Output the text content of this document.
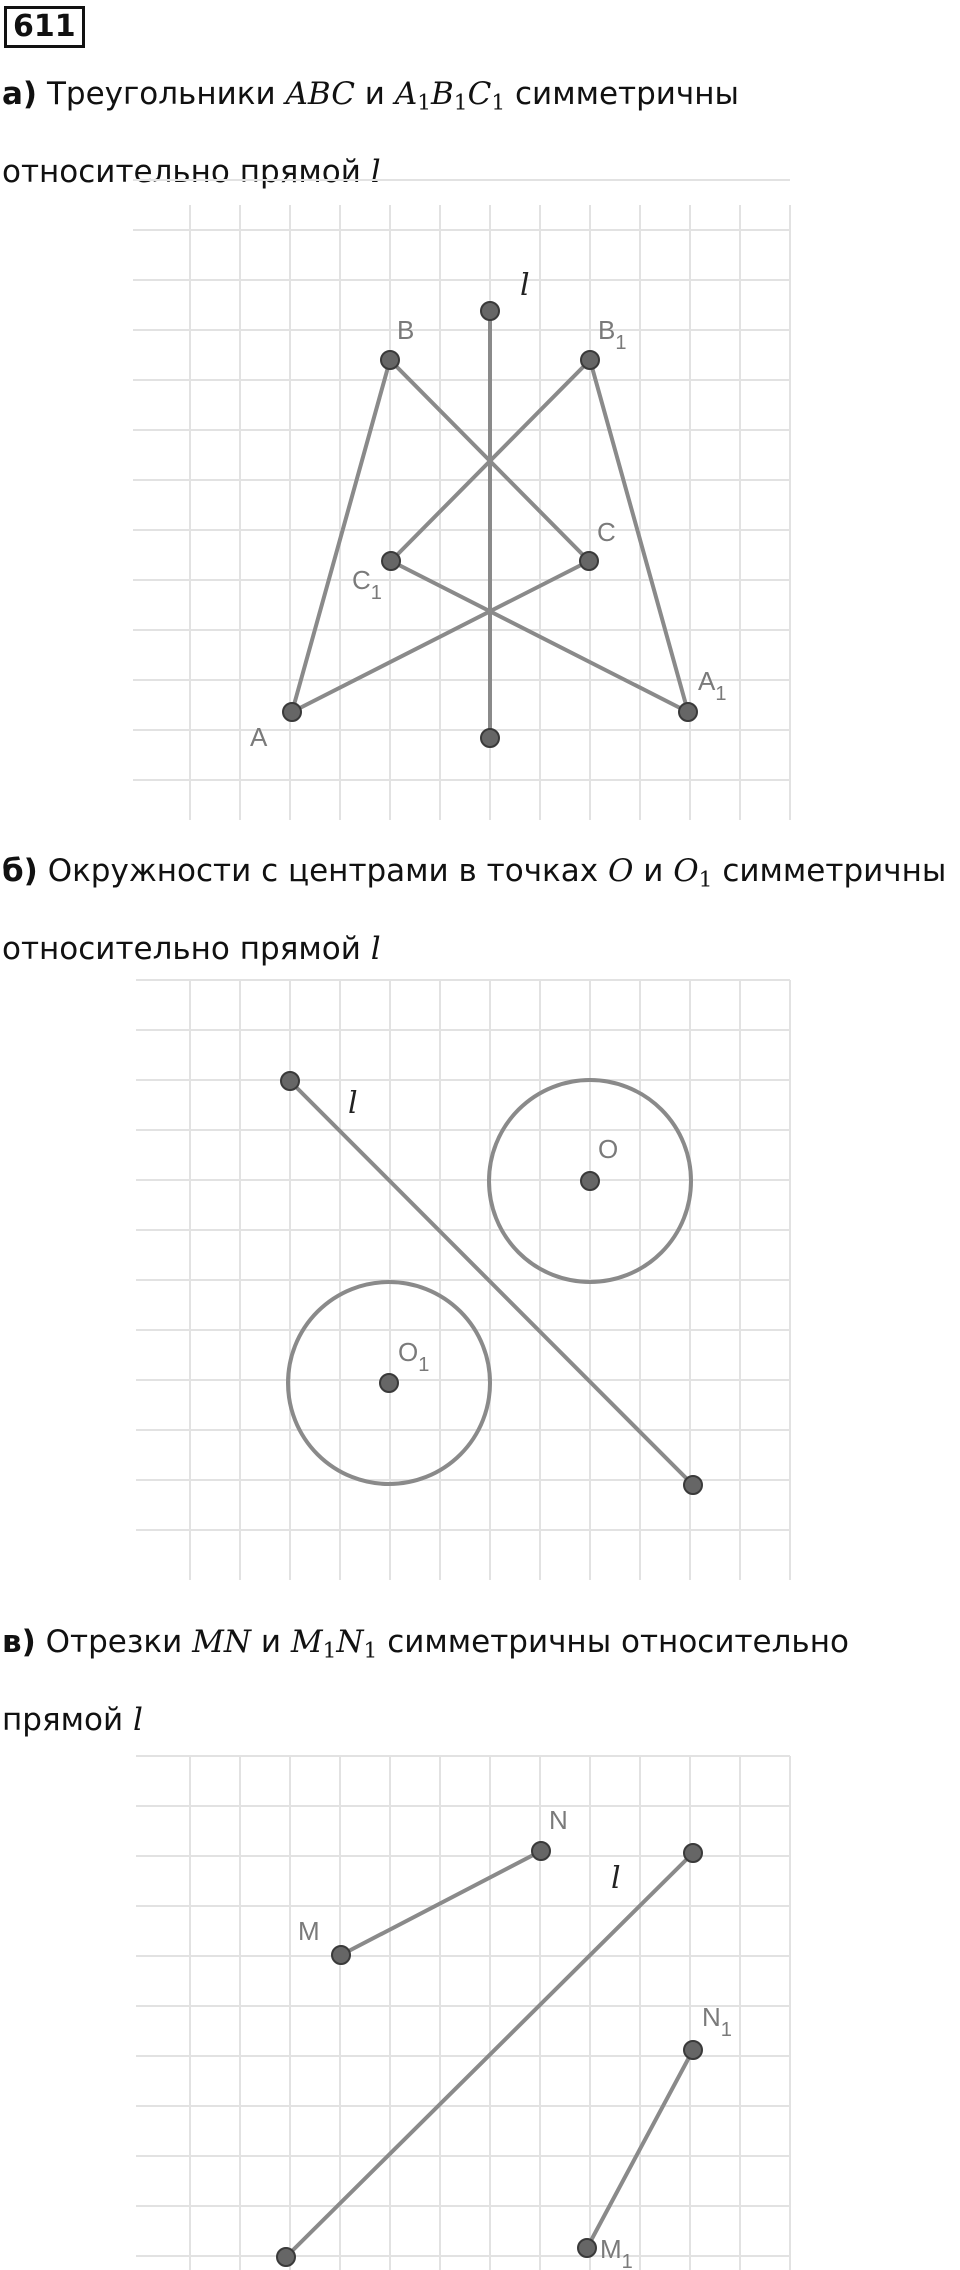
611

а) Треугольники ABC и $A_1B_1C_1$ симметричны относительно прямой l

l
A
B
C
$A_1$
$B_1$
$C_1$

б) Окружности с центрами в точках O и $O_1$ симметричны относительно прямой l

l
O
$O_1$

в) Отрезки MN и $M_1N_1$ симметричны относительно прямой l

l
M
N
$M_1$
$N_1$
